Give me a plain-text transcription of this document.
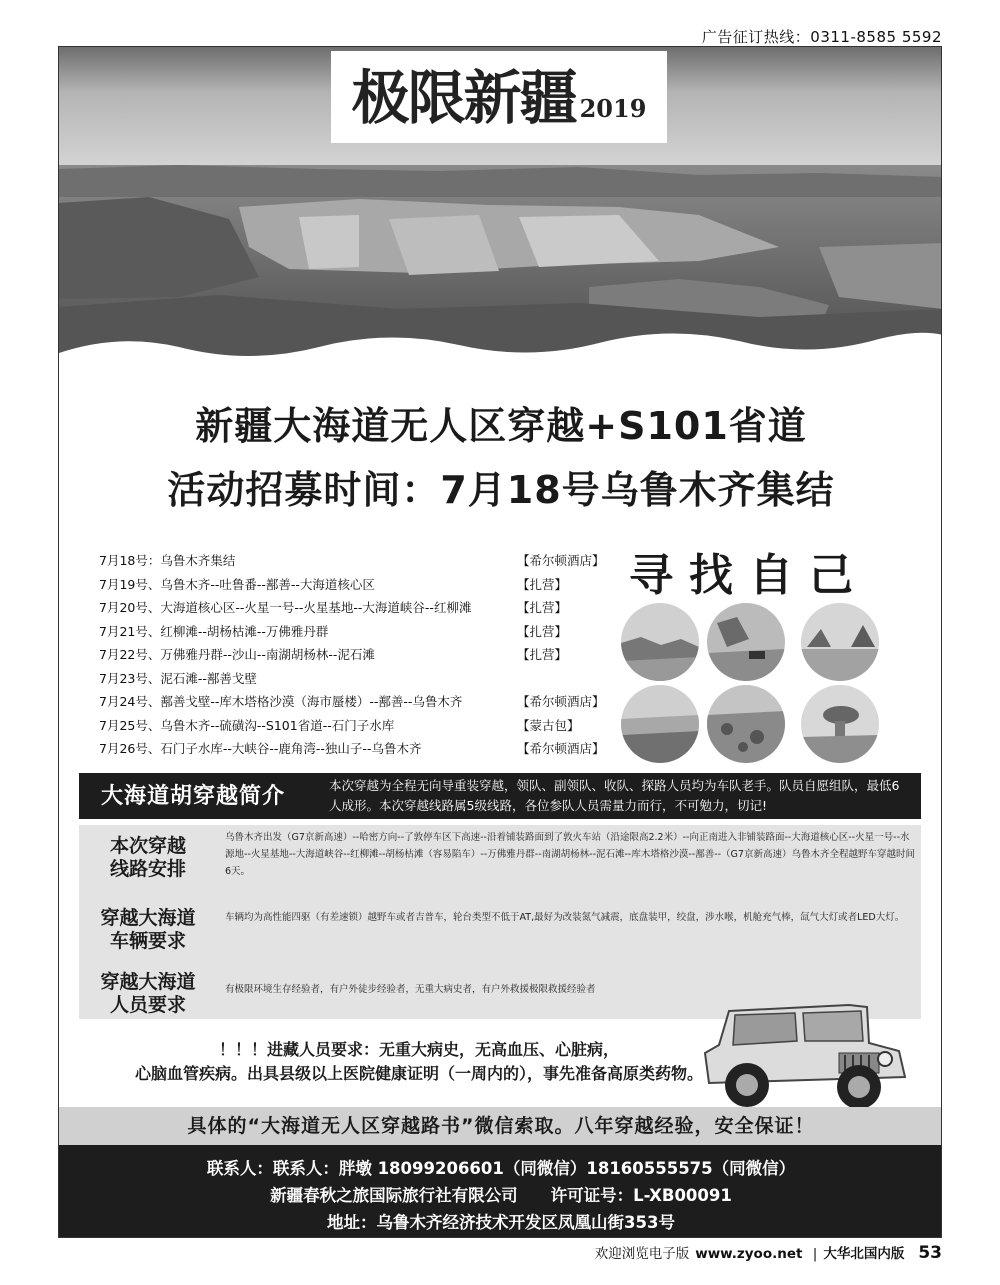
广告征订热线：0311-8585 5592
极限新疆 2019
新疆大海道无人区穿越+S101省道
活动招募时间：7月18号乌鲁木齐集结
7月18号：乌鲁木齐集结	【希尔顿酒店】
7月19号、乌鲁木齐--吐鲁番--鄯善--大海道核心区	【扎营】
7月20号、大海道核心区--火星一号--火星基地--大海道峡谷--红柳滩	【扎营】
7月21号、红柳滩--胡杨枯滩--万佛雅丹群	【扎营】
7月22号、万佛雅丹群--沙山--南湖胡杨林--泥石滩	【扎营】
7月23号、泥石滩--鄯善戈壁
7月24号、鄯善戈壁--库木塔格沙漠（海市蜃楼）--鄯善--乌鲁木齐	【希尔顿酒店】
7月25号、乌鲁木齐--硫磺沟--S101省道--石门子水库	【蒙古包】
7月26号、石门子水库--大峡谷--鹿角湾--独山子--乌鲁木齐	【希尔顿酒店】
寻找自己
大海道胡穿越简介	本次穿越为全程无向导重装穿越，领队、副领队、收队、探路人员均为车队老手。队员自愿组队，最低6人成形。本次穿越线路属5级线路，各位参队人员需量力而行，不可勉力，切记!
本次穿越
线路安排
乌鲁木齐出发（G7京新高速）--哈密方向--了敦停车区下高速--沿着铺装路面到了敦火车站（沿途限高2.2米）--向正南进入非铺装路面--大海道核心区--火星一号--水源地--火星基地--大海道峡谷--红柳滩--胡杨枯滩（容易陷车）--万佛雅丹群--南湖胡杨林--泥石滩--库木塔格沙漠--鄯善--（G7京新高速）乌鲁木齐全程越野车穿越时间6天。
穿越大海道
车辆要求
车辆均为高性能四驱（有差速锁）越野车或者吉普车，轮台类型不低于AT,最好为改装氮气减震，底盘装甲，绞盘，涉水喉，机舱充气棒，氙气大灯或者LED大灯。
穿越大海道
人员要求
有极限环境生存经验者，有户外徒步经验者，无重大病史者，有户外救援极限救援经验者
！！！进藏人员要求：无重大病史，无高血压、心脏病，
心脑血管疾病。出具县级以上医院健康证明（一周内的），事先准备高原类药物。
具体的“大海道无人区穿越路书”微信索取。八年穿越经验，安全保证！
联系人：联系人：胖墩 18099206601（同微信）18160555575（同微信）
新疆春秋之旅国际旅行社有限公司　　许可证号：L-XB00091
地址：乌鲁木齐经济技术开发区凤凰山街353号
欢迎浏览电子版 www.zyoo.net | 大华北国内版 53
